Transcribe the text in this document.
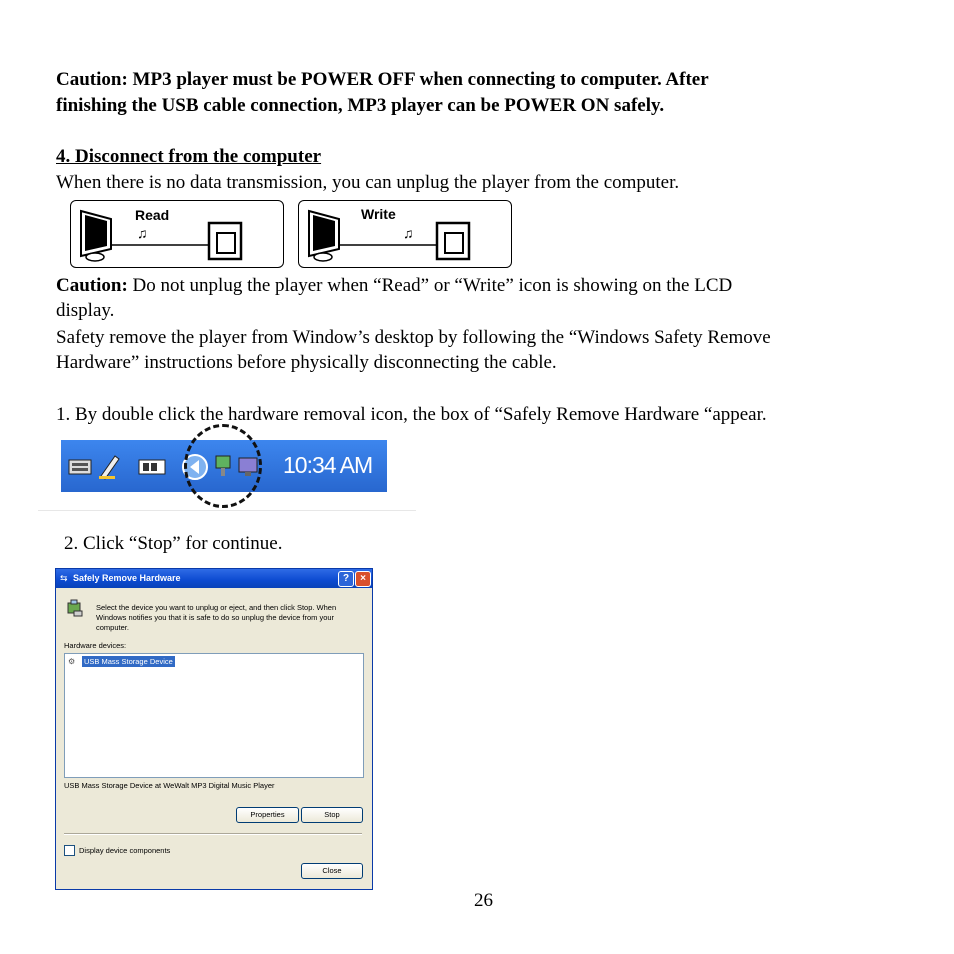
Caution: MP3 player must be POWER OFF when connecting to computer. After

finishing the USB cable connection, MP3 player can be POWER ON safely.

4. Disconnect from the computer

When there is no data transmission, you can unplug the player from the computer.

Read
♫
Write
♫

Caution: Do not unplug the player when “Read” or “Write” icon is showing on the LCD

display.

Safety remove the player from Window’s desktop by following the “Windows Safety Remove

Hardware” instructions before physically disconnecting the cable.

1. By double click the hardware removal icon, the box of “Safely Remove Hardware “appear.

10:34 AM

2. Click “Stop” for continue.

⇆ Safely Remove Hardware	?	×
Select the device you want to unplug or eject, and then click Stop. When Windows notifies you that it is safe to do so unplug the device from your computer.
Hardware devices:
⚙	USB Mass Storage Device
USB Mass Storage Device at WeWalt MP3 Digital Music Player
Properties	Stop
Display device components
Close
26
